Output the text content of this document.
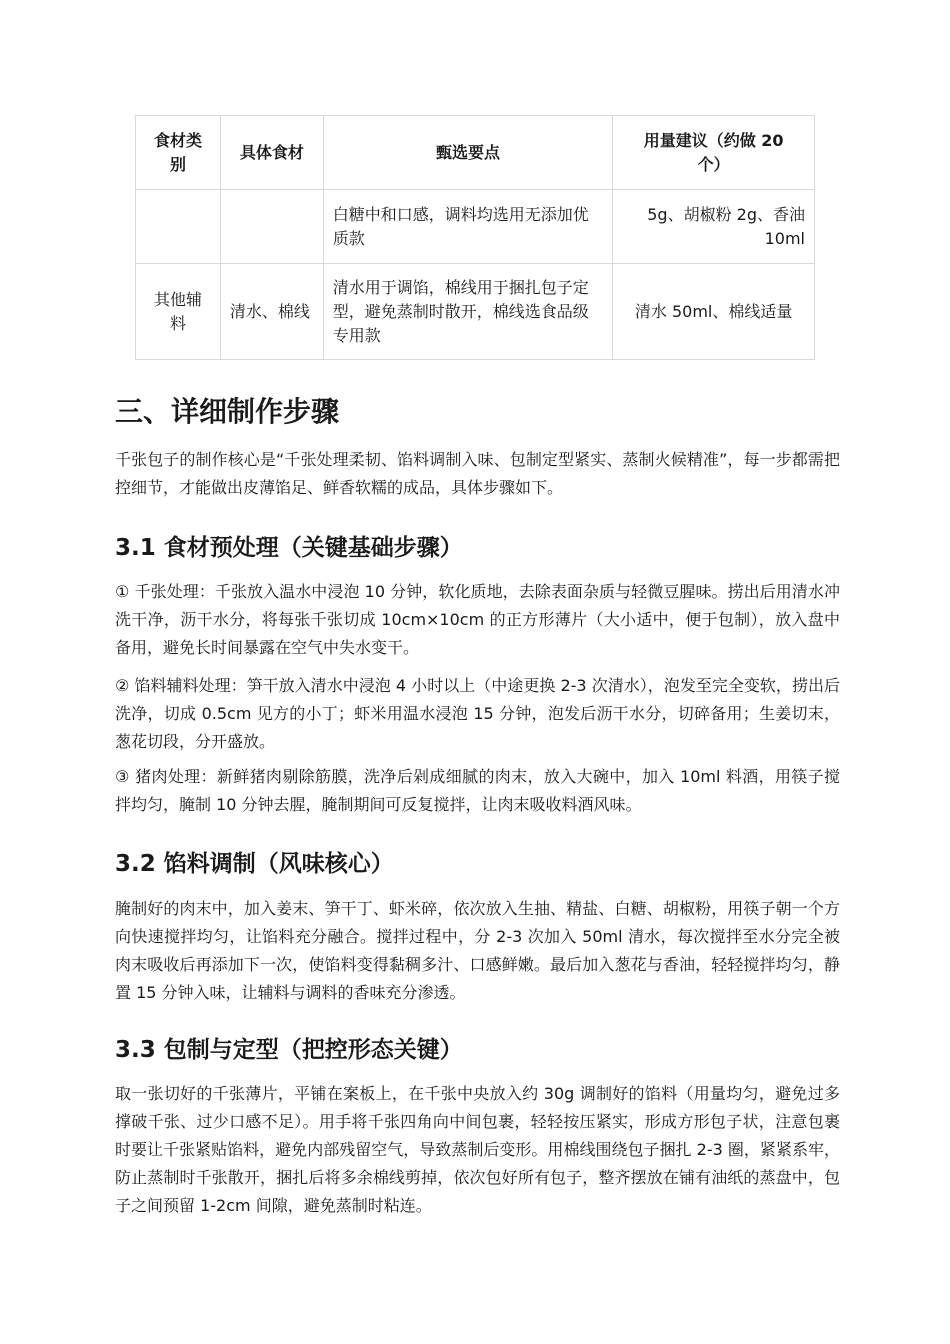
食材类别	具体食材	甄选要点	用量建议（约做 20 个）
		白糖中和口感，调料均选用无添加优质款	5g、胡椒粉 2g、香油 10ml
其他辅料	清水、棉线	清水用于调馅，棉线用于捆扎包子定型，避免蒸制时散开，棉线选食品级专用款	清水 50ml、棉线适量
三、详细制作步骤

千张包子的制作核心是“千张处理柔韧、馅料调制入味、包制定型紧实、蒸制火候精准”，每一步都需把控细节，才能做出皮薄馅足、鲜香软糯的成品，具体步骤如下。

3.1 食材预处理（关键基础步骤）

① 千张处理：千张放入温水中浸泡 10 分钟，软化质地，去除表面杂质与轻微豆腥味。捞出后用清水冲洗干净，沥干水分，将每张千张切成 10cm×10cm 的正方形薄片（大小适中，便于包制），放入盘中备用，避免长时间暴露在空气中失水变干。

② 馅料辅料处理：笋干放入清水中浸泡 4 小时以上（中途更换 2-3 次清水），泡发至完全变软，捞出后洗净，切成 0.5cm 见方的小丁；虾米用温水浸泡 15 分钟，泡发后沥干水分，切碎备用；生姜切末，葱花切段，分开盛放。

③ 猪肉处理：新鲜猪肉剔除筋膜，洗净后剁成细腻的肉末，放入大碗中，加入 10ml 料酒，用筷子搅拌均匀，腌制 10 分钟去腥，腌制期间可反复搅拌，让肉末吸收料酒风味。

3.2 馅料调制（风味核心）

腌制好的肉末中，加入姜末、笋干丁、虾米碎，依次放入生抽、精盐、白糖、胡椒粉，用筷子朝一个方向快速搅拌均匀，让馅料充分融合。搅拌过程中，分 2-3 次加入 50ml 清水，每次搅拌至水分完全被肉末吸收后再添加下一次，使馅料变得黏稠多汁、口感鲜嫩。最后加入葱花与香油，轻轻搅拌均匀，静置 15 分钟入味，让辅料与调料的香味充分渗透。

3.3 包制与定型（把控形态关键）

取一张切好的千张薄片，平铺在案板上，在千张中央放入约 30g 调制好的馅料（用量均匀，避免过多撑破千张、过少口感不足）。用手将千张四角向中间包裹，轻轻按压紧实，形成方形包子状，注意包裹时要让千张紧贴馅料，避免内部残留空气，导致蒸制后变形。用棉线围绕包子捆扎 2-3 圈，紧紧系牢，防止蒸制时千张散开，捆扎后将多余棉线剪掉，依次包好所有包子，整齐摆放在铺有油纸的蒸盘中，包子之间预留 1-2cm 间隙，避免蒸制时粘连。
